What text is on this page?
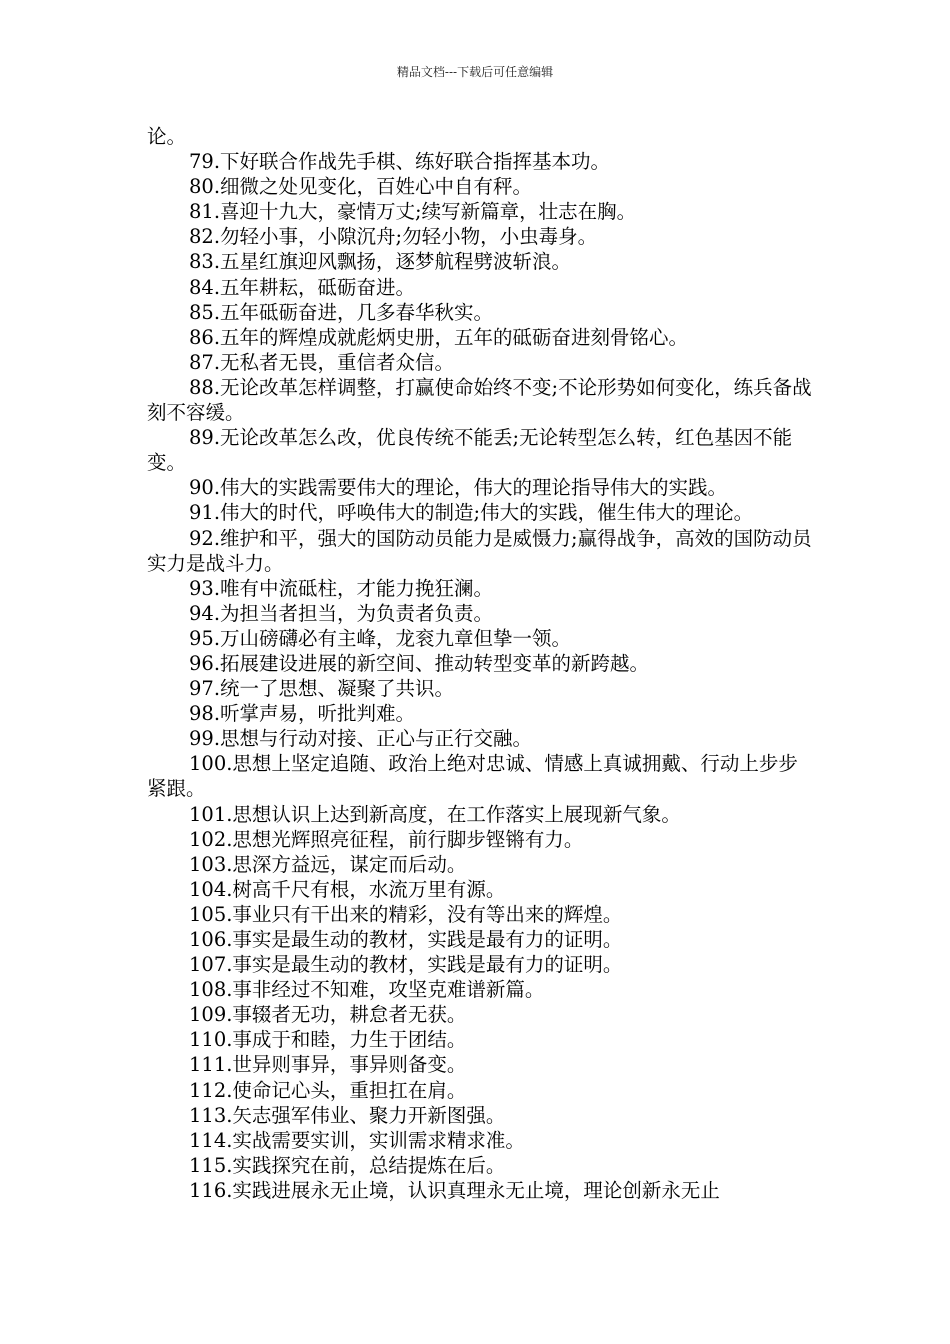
精品文档---下载后可任意编辑

论。

79.下好联合作战先手棋、练好联合指挥基本功。

80.细微之处见变化，百姓心中自有秤。

81.喜迎十九大，豪情万丈;续写新篇章，壮志在胸。

82.勿轻小事，小隙沉舟;勿轻小物，小虫毒身。

83.五星红旗迎风飘扬，逐梦航程劈波斩浪。

84.五年耕耘，砥砺奋进。

85.五年砥砺奋进，几多春华秋实。

86.五年的辉煌成就彪炳史册，五年的砥砺奋进刻骨铭心。

87.无私者无畏，重信者众信。

88.无论改革怎样调整，打赢使命始终不变;不论形势如何变化，练兵备战刻不容缓。

89.无论改革怎么改，优良传统不能丢;无论转型怎么转，红色基因不能变。

90.伟大的实践需要伟大的理论，伟大的理论指导伟大的实践。

91.伟大的时代，呼唤伟大的制造;伟大的实践，催生伟大的理论。

92.维护和平，强大的国防动员能力是威慑力;赢得战争，高效的国防动员实力是战斗力。

93.唯有中流砥柱，才能力挽狂澜。

94.为担当者担当，为负责者负责。

95.万山磅礴必有主峰，龙衮九章但挚一领。

96.拓展建设进展的新空间、推动转型变革的新跨越。

97.统一了思想、凝聚了共识。

98.听掌声易，听批判难。

99.思想与行动对接、正心与正行交融。

100.思想上坚定追随、政治上绝对忠诚、情感上真诚拥戴、行动上步步紧跟。

101.思想认识上达到新高度，在工作落实上展现新气象。

102.思想光辉照亮征程，前行脚步铿锵有力。

103.思深方益远，谋定而后动。

104.树高千尺有根，水流万里有源。

105.事业只有干出来的精彩，没有等出来的辉煌。

106.事实是最生动的教材，实践是最有力的证明。

107.事实是最生动的教材，实践是最有力的证明。

108.事非经过不知难，攻坚克难谱新篇。

109.事辍者无功，耕怠者无获。

110.事成于和睦，力生于团结。

111.世异则事异，事异则备变。

112.使命记心头，重担扛在肩。

113.矢志强军伟业、聚力开新图强。

114.实战需要实训，实训需求精求准。

115.实践探究在前，总结提炼在后。

116.实践进展永无止境，认识真理永无止境，理论创新永无止
